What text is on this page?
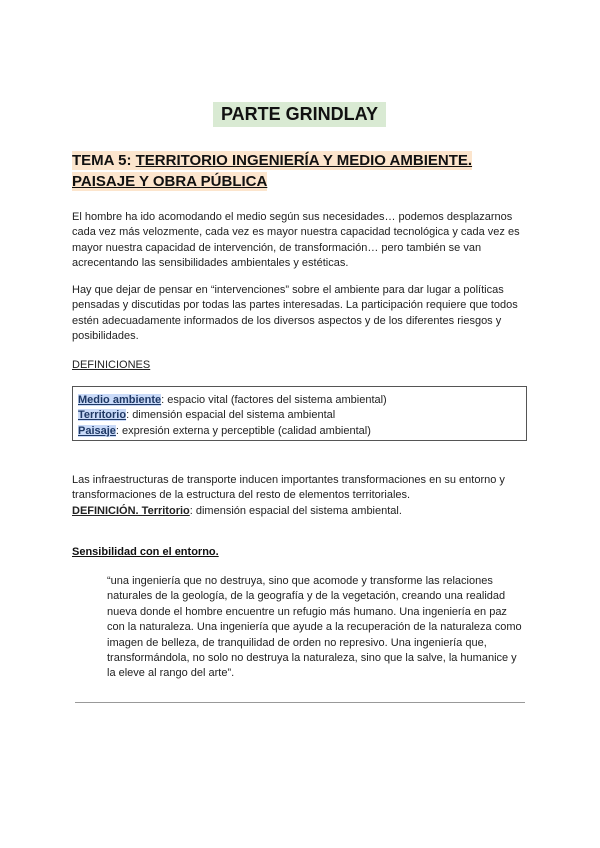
PARTE GRINDLAY
TEMA 5: TERRITORIO INGENIERÍA Y MEDIO AMBIENTE.
PAISAJE Y OBRA PÚBLICA
El hombre ha ido acomodando el medio según sus necesidades… podemos desplazarnos
cada vez más velozmente, cada vez es mayor nuestra capacidad tecnológica y cada vez es
mayor nuestra capacidad de intervención, de transformación… pero también se van
acrecentando las sensibilidades ambientales y estéticas.
Hay que dejar de pensar en “intervenciones” sobre el ambiente para dar lugar a políticas
pensadas y discutidas por todas las partes interesadas. La participación requiere que todos
estén adecuadamente informados de los diversos aspectos y de los diferentes riesgos y
posibilidades.
DEFINICIONES
Medio ambiente: espacio vital (factores del sistema ambiental)
Territorio: dimensión espacial del sistema ambiental
Paisaje: expresión externa y perceptible (calidad ambiental)
Las infraestructuras de transporte inducen importantes transformaciones en su entorno y
transformaciones de la estructura del resto de elementos territoriales.
DEFINICIÓN. Territorio: dimensión espacial del sistema ambiental.
Sensibilidad con el entorno.
“una ingeniería que no destruya, sino que acomode y transforme las relaciones
naturales de la geología, de la geografía y de la vegetación, creando una realidad
nueva donde el hombre encuentre un refugio más humano. Una ingeniería en paz
con la naturaleza. Una ingeniería que ayude a la recuperación de la naturaleza como
imagen de belleza, de tranquilidad de orden no represivo. Una ingeniería que,
transformándola, no solo no destruya la naturaleza, sino que la salve, la humanice y
la eleve al rango del arte”.
